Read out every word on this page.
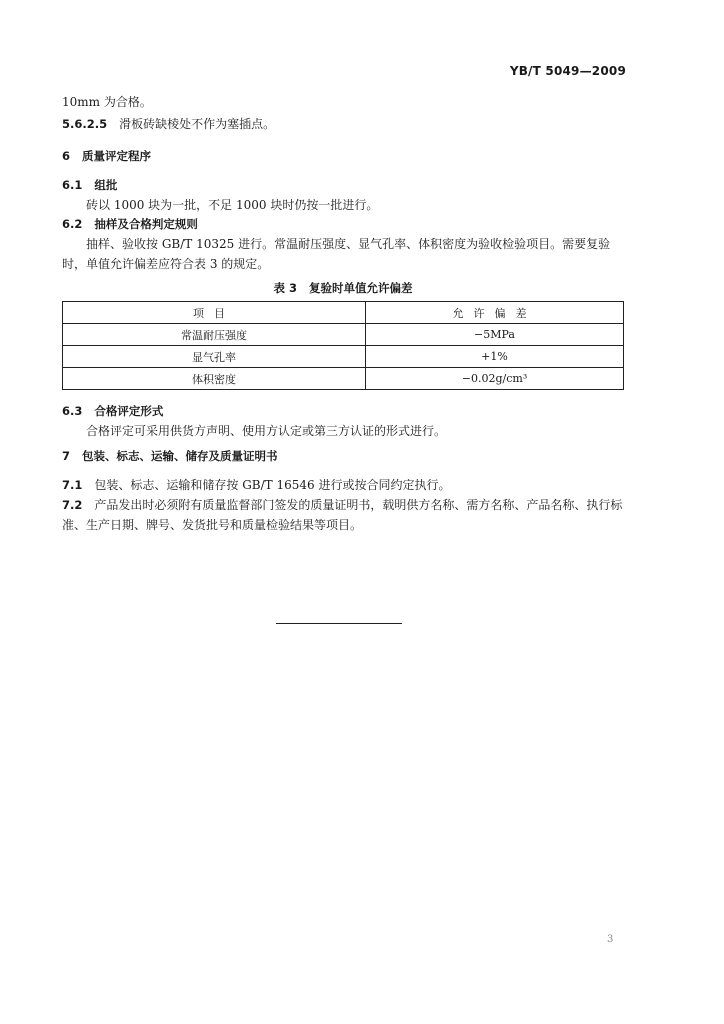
YB/T 5049—2009
10mm 为合格。
5.6.2.5 滑板砖缺棱处不作为塞插点。
6 质量评定程序
6.1 组批
砖以 1000 块为一批，不足 1000 块时仍按一批进行。
6.2 抽样及合格判定规则
抽样、验收按 GB/T 10325 进行。常温耐压强度、显气孔率、体积密度为验收检验项目。需要复验
时，单值允许偏差应符合表 3 的规定。
表 3 复验时单值允许偏差
项目	允许偏差
常温耐压强度	−5MPa
显气孔率	+1%
体积密度	−0.02g/cm³
6.3 合格评定形式
合格评定可采用供货方声明、使用方认定或第三方认证的形式进行。
7 包装、标志、运输、储存及质量证明书
7.1 包装、标志、运输和储存按 GB/T 16546 进行或按合同约定执行。
7.2 产品发出时必须附有质量监督部门签发的质量证明书，载明供方名称、需方名称、产品名称、执行标
准、生产日期、牌号、发货批号和质量检验结果等项目。
3
